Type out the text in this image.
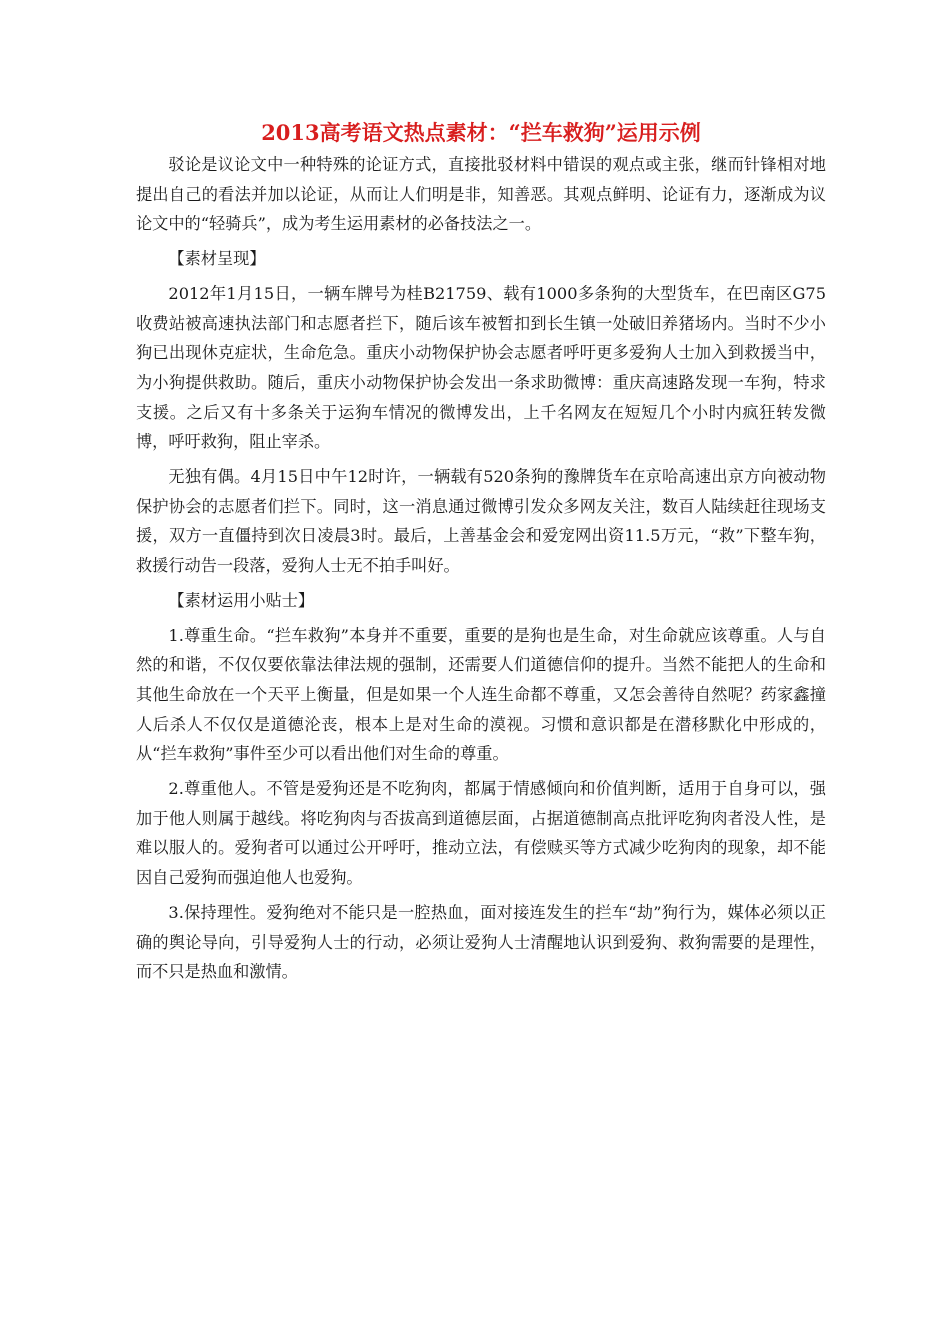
2013高考语文热点素材：“拦车救狗”运用示例

驳论是议论文中一种特殊的论证方式，直接批驳材料中错误的观点或主张，继而针锋相对地提出自己的看法并加以论证，从而让人们明是非，知善恶。其观点鲜明、论证有力，逐渐成为议论文中的“轻骑兵”，成为考生运用素材的必备技法之一。

【素材呈现】

2012年1月15日，一辆车牌号为桂B21759、载有1000多条狗的大型货车，在巴南区G75收费站被高速执法部门和志愿者拦下，随后该车被暂扣到长生镇一处破旧养猪场内。当时不少小狗已出现休克症状，生命危急。重庆小动物保护协会志愿者呼吁更多爱狗人士加入到救援当中，为小狗提供救助。随后，重庆小动物保护协会发出一条求助微博：重庆高速路发现一车狗，特求支援。之后又有十多条关于运狗车情况的微博发出，上千名网友在短短几个小时内疯狂转发微博，呼吁救狗，阻止宰杀。

无独有偶。4月15日中午12时许，一辆载有520条狗的豫牌货车在京哈高速出京方向被动物保护协会的志愿者们拦下。同时，这一消息通过微博引发众多网友关注，数百人陆续赶往现场支援，双方一直僵持到次日凌晨3时。最后，上善基金会和爱宠网出资11.5万元，“救”下整车狗，救援行动告一段落，爱狗人士无不拍手叫好。

【素材运用小贴士】

1.尊重生命。“拦车救狗”本身并不重要，重要的是狗也是生命，对生命就应该尊重。人与自然的和谐，不仅仅要依靠法律法规的强制，还需要人们道德信仰的提升。当然不能把人的生命和其他生命放在一个天平上衡量，但是如果一个人连生命都不尊重，又怎会善待自然呢？药家鑫撞人后杀人不仅仅是道德沦丧，根本上是对生命的漠视。习惯和意识都是在潜移默化中形成的，从“拦车救狗”事件至少可以看出他们对生命的尊重。

2.尊重他人。不管是爱狗还是不吃狗肉，都属于情感倾向和价值判断，适用于自身可以，强加于他人则属于越线。将吃狗肉与否拔高到道德层面，占据道德制高点批评吃狗肉者没人性，是难以服人的。爱狗者可以通过公开呼吁，推动立法，有偿赎买等方式减少吃狗肉的现象，却不能因自己爱狗而强迫他人也爱狗。

3.保持理性。爱狗绝对不能只是一腔热血，面对接连发生的拦车“劫”狗行为，媒体必须以正确的舆论导向，引导爱狗人士的行动，必须让爱狗人士清醒地认识到爱狗、救狗需要的是理性，而不只是热血和激情。
